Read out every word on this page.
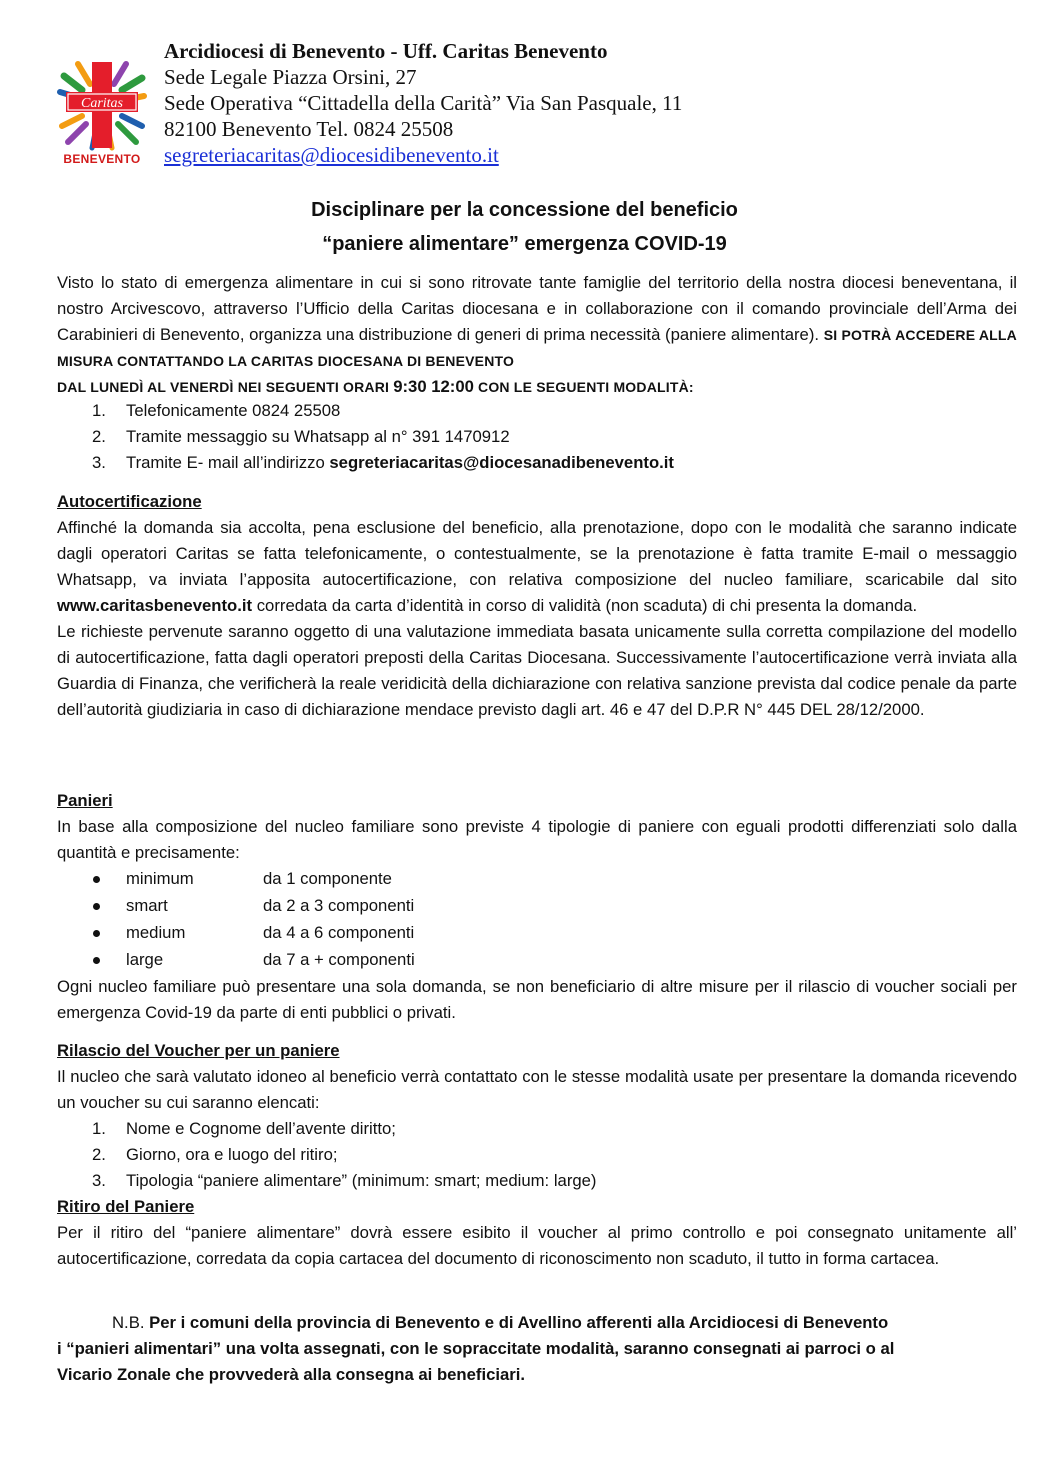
Caritas
BENEVENTO
Arcidiocesi di Benevento - Uff. Caritas Benevento
Sede Legale Piazza Orsini, 27
Sede Operativa “Cittadella della Carità” Via San Pasquale, 11
82100 Benevento Tel. 0824 25508
segreteriacaritas@diocesidibenevento.it
Disciplinare per la concessione del beneficio
“paniere alimentare” emergenza COVID-19
Visto lo stato di emergenza alimentare in cui si sono ritrovate tante famiglie del territorio della nostra diocesi beneventana, il nostro Arcivescovo, attraverso l’Ufficio della Caritas diocesana e in collaborazione con il comando provinciale dell’Arma dei Carabinieri di Benevento, organizza una distribuzione di generi di prima necessità (paniere alimentare). SI POTRÀ ACCEDERE ALLA MISURA CONTATTANDO LA CARITAS DIOCESANA DI BENEVENTO
DAL LUNEDÌ AL VENERDÌ NEI SEGUENTI ORARI 9:30 12:00 CON LE SEGUENTI MODALITÀ:
1. Telefonicamente 0824 25508
2. Tramite messaggio su Whatsapp al n° 391 1470912
3. Tramite E- mail all’indirizzo segreteriacaritas@diocesanadibenevento.it
Autocertificazione
Affinché la domanda sia accolta, pena esclusione del beneficio, alla prenotazione, dopo con le modalità che saranno indicate dagli operatori Caritas se fatta telefonicamente, o contestualmente, se la prenotazione è fatta tramite E-mail o messaggio Whatsapp, va inviata l’apposita autocertificazione, con relativa composizione del nucleo familiare, scaricabile dal sito www.caritasbenevento.it corredata da carta d’identità in corso di validità (non scaduta) di chi presenta la domanda.
Le richieste pervenute saranno oggetto di una valutazione immediata basata unicamente sulla corretta compilazione del modello di autocertificazione, fatta dagli operatori preposti della Caritas Diocesana. Successivamente l’autocertificazione verrà inviata alla Guardia di Finanza, che verificherà la reale veridicità della dichiarazione con relativa sanzione prevista dal codice penale da parte dell’autorità giudiziaria in caso di dichiarazione mendace previsto dagli art. 46 e 47 del D.P.R N° 445 DEL 28/12/2000.
Panieri
In base alla composizione del nucleo familiare sono previste 4 tipologie di paniere con eguali prodotti differenziati solo dalla quantità e precisamente:
minimum	da 1 componente
smart	da 2 a 3 componenti
medium	da 4 a 6 componenti
large	da 7 a + componenti
Ogni nucleo familiare può presentare una sola domanda, se non beneficiario di altre misure per il rilascio di voucher sociali per emergenza Covid-19 da parte di enti pubblici o privati.
Rilascio del Voucher per un paniere
Il nucleo che sarà valutato idoneo al beneficio verrà contattato con le stesse modalità usate per presentare la domanda ricevendo un voucher su cui saranno elencati:
1. Nome e Cognome dell’avente diritto;
2. Giorno, ora e luogo del ritiro;
3. Tipologia “paniere alimentare” (minimum: smart; medium: large)
Ritiro del Paniere
Per il ritiro del “paniere alimentare” dovrà essere esibito il voucher al primo controllo e poi consegnato unitamente all’ autocertificazione, corredata da copia cartacea del documento di riconoscimento non scaduto, il tutto in forma cartacea.
N.B. Per i comuni della provincia di Benevento e di Avellino afferenti alla Arcidiocesi di Benevento
i “panieri alimentari” una volta assegnati, con le sopraccitate modalità, saranno consegnati ai parroci o al
Vicario Zonale che provvederà alla consegna ai beneficiari.
